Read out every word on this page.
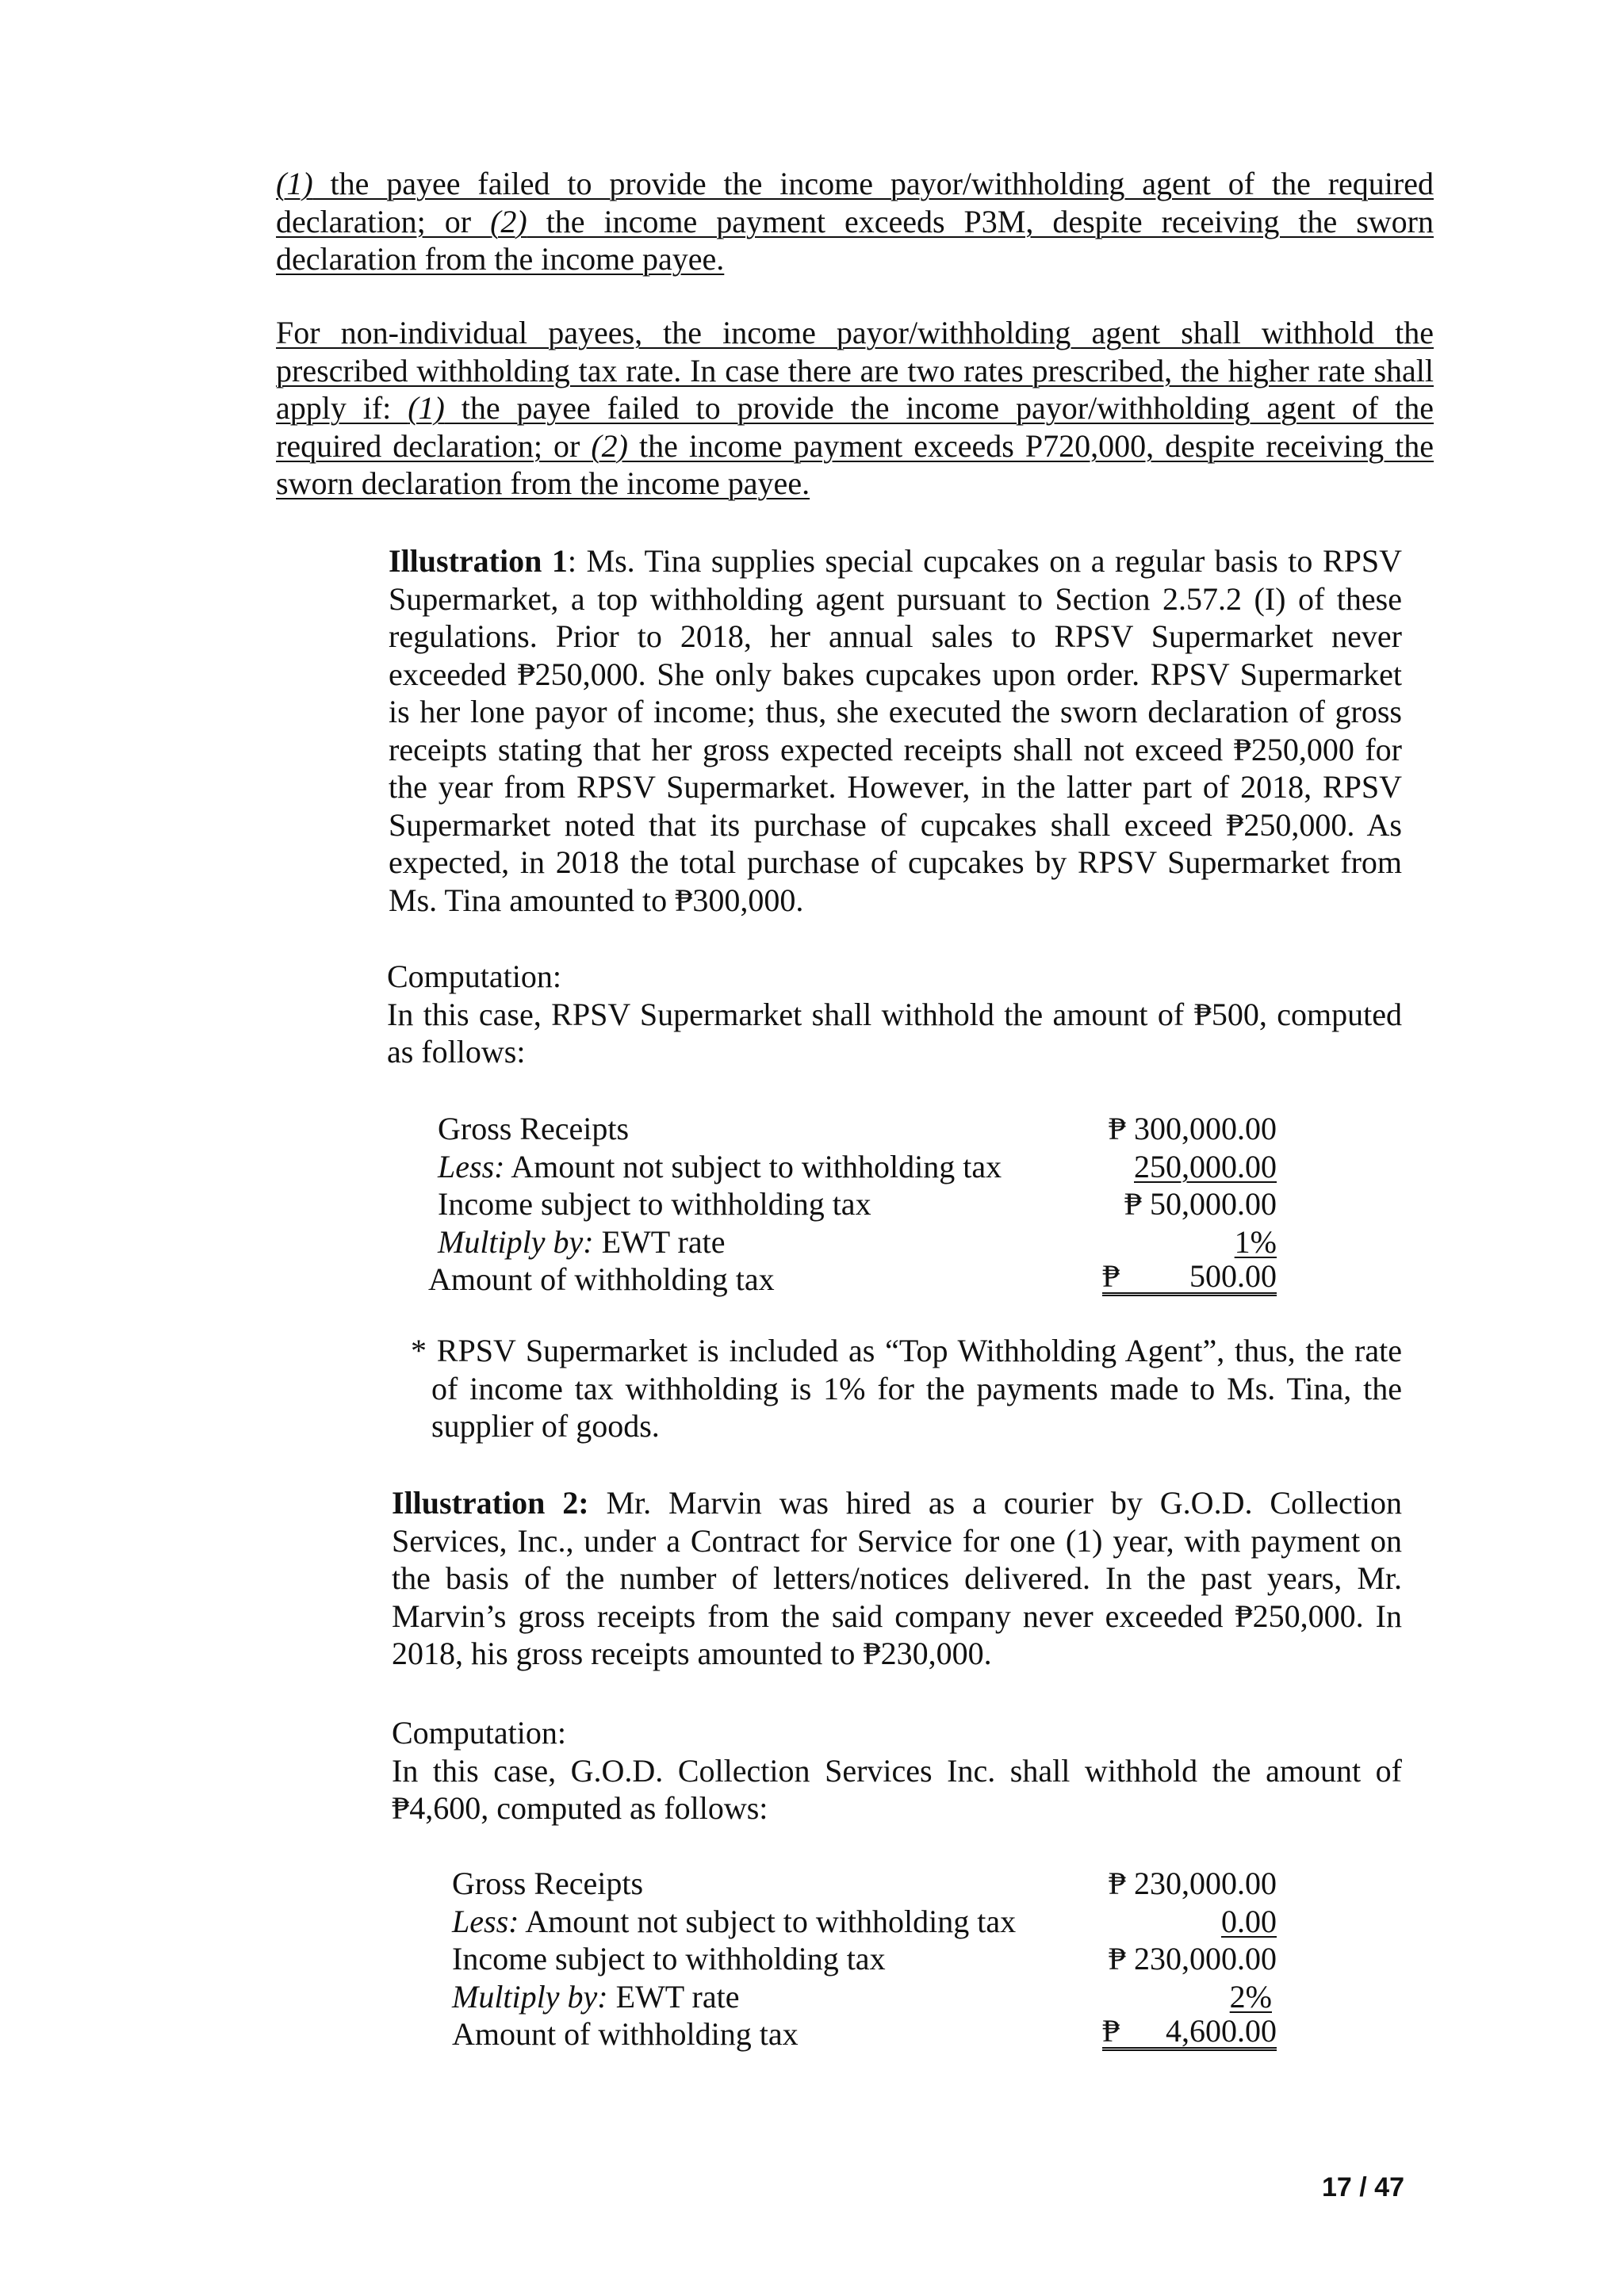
(1) the payee failed to provide the income payor/withholding agent of the required declaration; or (2) the income payment exceeds P3M, despite receiving the sworn declaration from the income payee.
For non-individual payees, the income payor/withholding agent shall withhold the prescribed withholding tax rate. In case there are two rates prescribed, the higher rate shall apply if: (1) the payee failed to provide the income payor/withholding agent of the required declaration; or (2) the income payment exceeds P720,000, despite receiving the sworn declaration from the income payee.
Illustration 1: Ms. Tina supplies special cupcakes on a regular basis to RPSV Supermarket, a top withholding agent pursuant to Section 2.57.2 (I) of these regulations. Prior to 2018, her annual sales to RPSV Supermarket never exceeded ₱250,000. She only bakes cupcakes upon order. RPSV Supermarket is her lone payor of income; thus, she executed the sworn declaration of gross receipts stating that her gross expected receipts shall not exceed ₱250,000 for the year from RPSV Supermarket. However, in the latter part of 2018, RPSV Supermarket noted that its purchase of cupcakes shall exceed ₱250,000. As expected, in 2018 the total purchase of cupcakes by RPSV Supermarket from Ms. Tina amounted to ₱300,000.
Computation:
In this case, RPSV Supermarket shall withhold the amount of ₱500, computed as follows:
Gross Receipts	₱ 300,000.00
Less: Amount not subject to withholding tax	250,000.00
Income subject to withholding tax	₱ 50,000.00
Multiply by: EWT rate	1%
Amount of withholding tax	₱ 500.00
* RPSV Supermarket is included as “Top Withholding Agent”, thus, the rate of income tax withholding is 1% for the payments made to Ms. Tina, the supplier of goods.
Illustration 2: Mr. Marvin was hired as a courier by G.O.D. Collection Services, Inc., under a Contract for Service for one (1) year, with payment on the basis of the number of letters/notices delivered. In the past years, Mr. Marvin’s gross receipts from the said company never exceeded ₱250,000. In 2018, his gross receipts amounted to ₱230,000.
Computation:
In this case, G.O.D. Collection Services Inc. shall withhold the amount of ₱4,600, computed as follows:
Gross Receipts	₱ 230,000.00
Less: Amount not subject to withholding tax	0.00
Income subject to withholding tax	₱ 230,000.00
Multiply by: EWT rate	2%
Amount of withholding tax	₱ 4,600.00
17 / 47
